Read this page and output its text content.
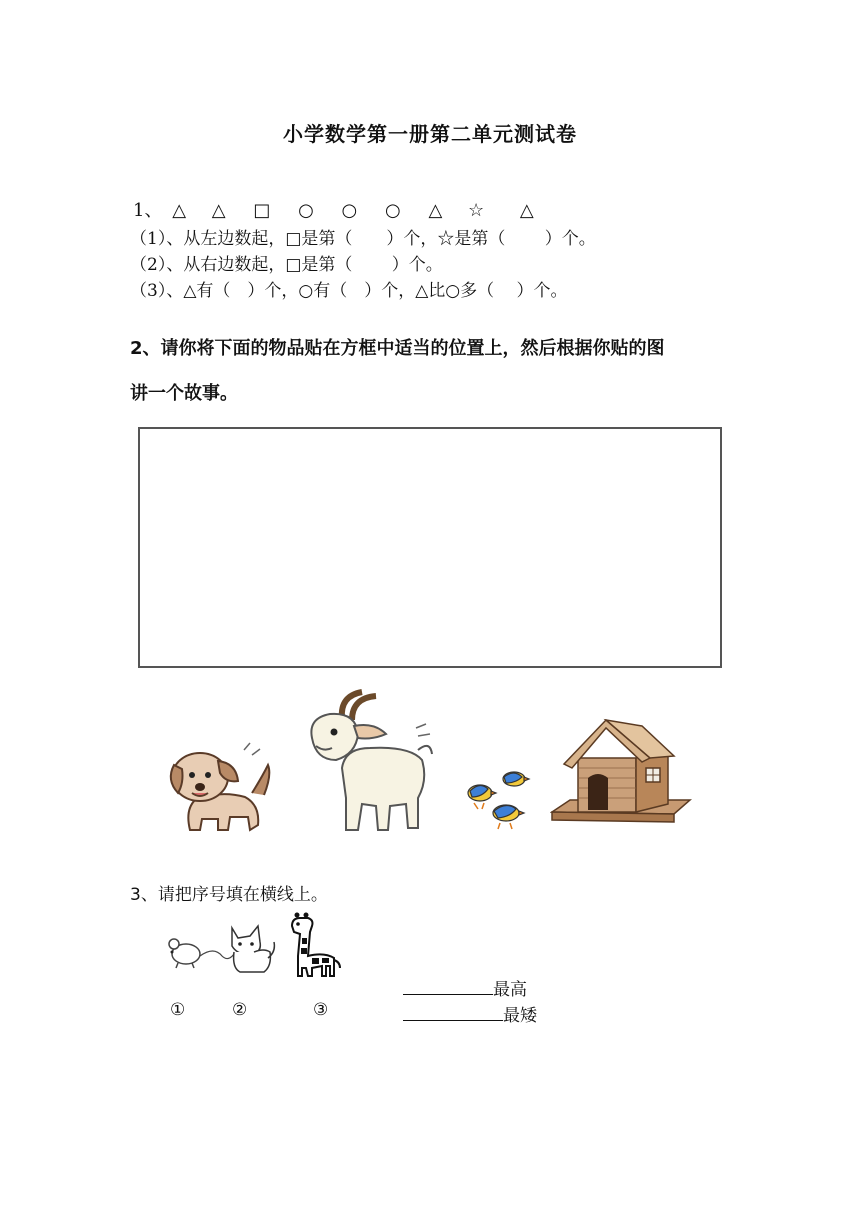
小学数学第一册第二单元测试卷
1、 △ △ □ ○ ○ ○ △ ☆ △
（1）、从左边数起，□是第（　　）个，☆是第（　　 ）个。
（2）、从右边数起，□是第（　　 ）个。
（3）、△有（　）个，○有（　）个，△比○多（　 ）个。
2、请你将下面的物品贴在方框中适当的位置上，然后根据你贴的图
讲一个故事。
3、请把序号填在横线上。
①	②	③
最高
最矮
